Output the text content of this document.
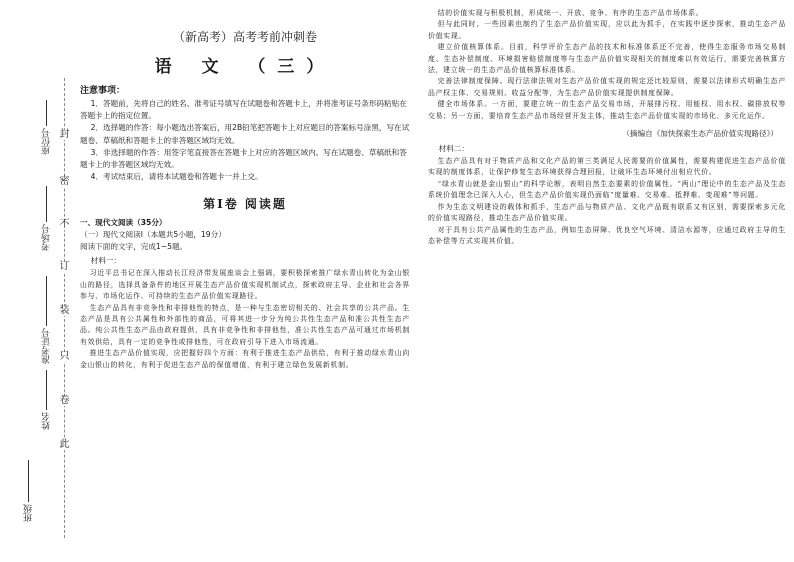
封
密
不
订
装
只
卷
此
座位号
考场号
准考证号
姓名
班级

（新高考）高考考前冲刺卷

语 文 （三）
注意事项：

1．答题前，先将自己的姓名、准考证号填写在试题卷和答题卡上，并将准考证号条形码粘贴在答题卡上的指定位置。

2．选择题的作答：每小题选出答案后，用2B铅笔把答题卡上对应题目的答案标号涂黑，写在试题卷、草稿纸和答题卡上的非答题区域均无效。

3．非选择题的作答：用签字笔直接答在答题卡上对应的答题区域内。写在试题卷、草稿纸和答题卡上的非答题区域均无效。

4．考试结束后，请将本试题卷和答题卡一并上交。

第Ⅰ卷 阅读题

一、现代文阅读（35分）

（一）现代文阅读Ⅰ（本题共5小题，19分）

阅读下面的文字，完成1~5题。

材料一：

习近平总书记在深入推动长江经济带发展座谈会上强调，要积极探索推广绿水青山转化为金山银山的路径，选择具备条件的地区开展生态产品价值实现机制试点，探索政府主导、企业和社会各界参与、市场化运作、可持续的生态产品价值实现路径。

生态产品具有非竞争性和非排他性的特点，是一种与生态密切相关的、社会共享的公共产品。生态产品是具有公共属性和外部性的商品，可将其进一步分为纯公共性生态产品和准公共性生态产品。纯公共性生态产品由政府提供，具有非竞争性和非排他性，准公共性生态产品可通过市场机制有效供给，具有一定的竞争性或排他性，可在政府引导下进入市场流通。

推进生态产品价值实现，应把握好四个方面：有利于推进生态产品供给，有利于推动绿水青山向金山银山的转化，有利于促进生态产品的保值增值，有利于建立绿色发展新机制。

结的价值实现与积极机制，形成统一、开放、竞争、有序的生态产品市场体系。

但与此同时，一些因素也制约了生态产品价值实现，应以此为抓手，在实践中逐步探索，推动生态产品价值实现。

建立价值核算体系。目前，科学评价生态产品的技术和标准体系还不完善，使得生态服务市场交易制度、生态补偿制度、环境损害赔偿制度等与生态产品价值实现相关的制度难以有效运行，需要完善核算方法，建立统一的生态产品价值核算标准体系。

完善法律制度保障。现行法律法规对生态产品价值实现的规定还比较原则，需要以法律形式明确生态产品产权主体、交易规则、收益分配等，为生态产品价值实现提供制度保障。

健全市场体系。一方面，要建立统一的生态产品交易市场，开展排污权、用能权、用水权、碳排放权等交易；另一方面，要培育生态产品市场经营开发主体，推动生态产品价值实现的市场化、多元化运作。

（摘编自《加快探索生态产品价值实现路径》）

材料二：

生态产品具有对于物质产品和文化产品的第三类满足人民需要的价值属性，需要构建促进生态产品价值实现的制度体系，让保护修复生态环境获得合理回报，让破坏生态环境付出相应代价。

“绿水青山就是金山银山”的科学论断，表明自然生态要素的价值属性。“两山”理论中的生态产品及生态系统价值理念已深入人心，但生态产品价值实现仍面临“度量难、交易难、抵押难、变现难”等问题。

作为生态文明建设的载体和抓手，生态产品与物质产品、文化产品既有联系又有区别，需要探索多元化的价值实现路径，推动生态产品价值实现。

对于具有公共产品属性的生态产品，例如生态屏障、优良空气环境、清洁水源等，应通过政府主导的生态补偿等方式实现其价值。
